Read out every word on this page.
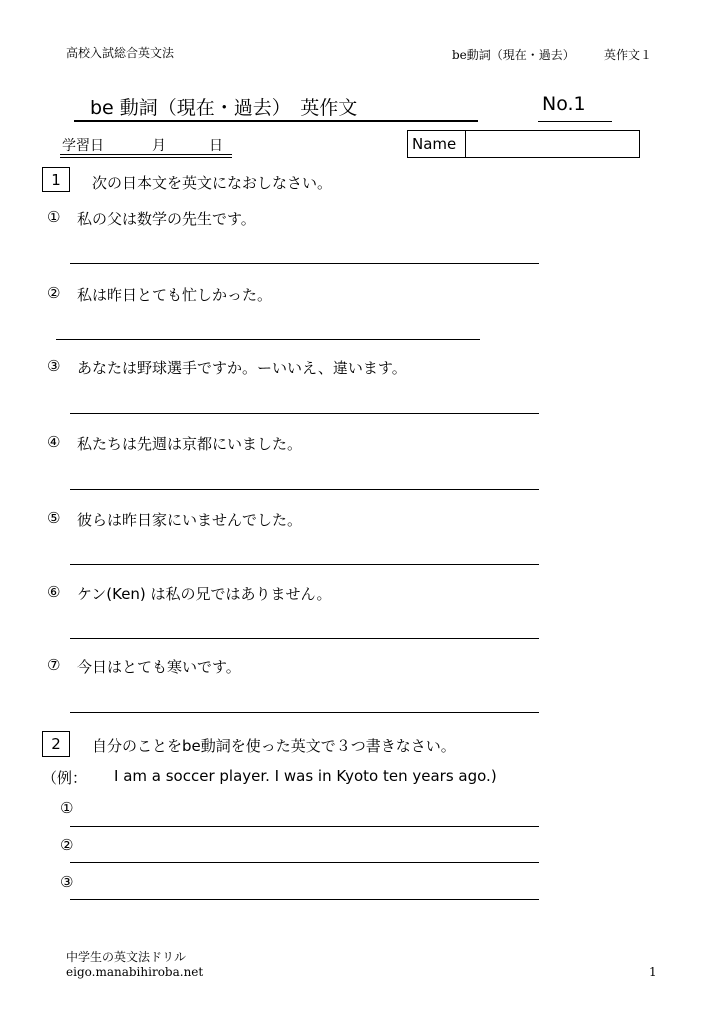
高校入試総合英文法	be動詞（現在・過去） 英作文１
be 動詞（現在・過去）　英作文	No.1
学習日	月	日	Name
1 次の日本文を英文になおしなさい。
① 私の父は数学の先生です。
② 私は昨日とても忙しかった。
③ あなたは野球選手ですか。ーいいえ、違います。
④ 私たちは先週は京都にいました。
⑤ 彼らは昨日家にいませんでした。
⑥ ケン(Ken) は私の兄ではありません。
⑦ 今日はとても寒いです。
2 自分のことをbe動詞を使った英文で３つ書きなさい。
（例： I am a soccer player. I was in Kyoto ten years ago.)
①
②
③
中学生の英文法ドリル
eigo.manabihiroba.net	1
